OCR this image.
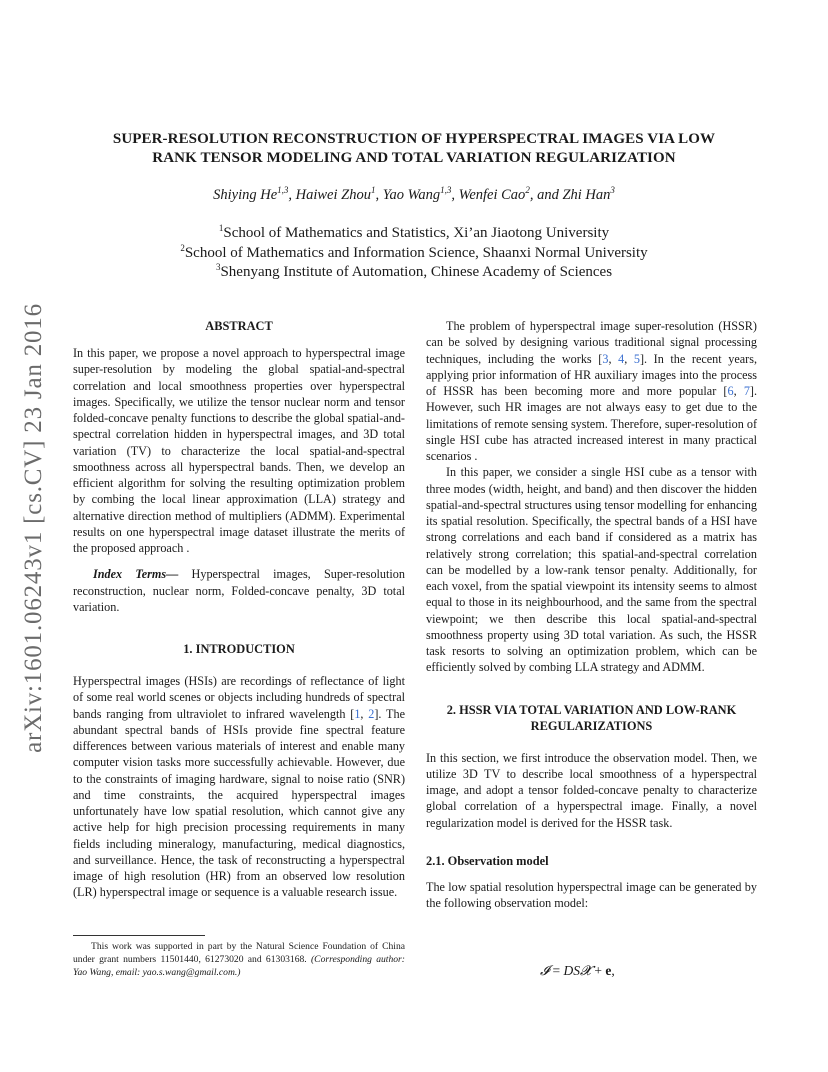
arXiv:1601.06243v1 [cs.CV] 23 Jan 2016
SUPER-RESOLUTION RECONSTRUCTION OF HYPERSPECTRAL IMAGES VIA LOW
RANK TENSOR MODELING AND TOTAL VARIATION REGULARIZATION
Shiying He$^{1,3}$, Haiwei Zhou$^1$, Yao Wang$^{1,3}$, Wenfei Cao$^2$, and Zhi Han$^3$
$^1$School of Mathematics and Statistics, Xi’an Jiaotong University
$^2$School of Mathematics and Information Science, Shaanxi Normal University
$^3$Shenyang Institute of Automation, Chinese Academy of Sciences

ABSTRACT

In this paper, we propose a novel approach to hyperspectral image super-resolution by modeling the global spatial-and-spectral correlation and local smoothness properties over hyperspectral images. Specifically, we utilize the tensor nuclear norm and tensor folded-concave penalty functions to describe the global spatial-and-spectral correlation hidden in hyperspectral images, and 3D total variation (TV) to characterize the local spatial-and-spectral smoothness across all hyperspectral bands. Then, we develop an efficient algorithm for solving the resulting optimization problem by combing the local linear approximation (LLA) strategy and alternative direction method of multipliers (ADMM). Experimental results on one hyperspectral image dataset illustrate the merits of the proposed approach .

Index Terms— Hyperspectral images, Super-resolution reconstruction, nuclear norm, Folded-concave penalty, 3D total variation.

1. INTRODUCTION

Hyperspectral images (HSIs) are recordings of reflectance of light of some real world scenes or objects including hundreds of spectral bands ranging from ultraviolet to infrared wavelength [1, 2]. The abundant spectral bands of HSIs provide fine spectral feature differences between various materials of interest and enable many computer vision tasks more successfully achievable. However, due to the constraints of imaging hardware, signal to noise ratio (SNR) and time constraints, the acquired hyperspectral images unfortunately have low spatial resolution, which cannot give any active help for high precision processing requirements in many fields including mineralogy, manufacturing, medical diagnostics, and surveillance. Hence, the task of reconstructing a hyperspectral image of high resolution (HR) from an observed low resolution (LR) hyperspectral image or sequence is a valuable research issue.

This work was supported in part by the Natural Science Foundation of China under grant numbers 11501440, 61273020 and 61303168. (Corresponding author: Yao Wang, email: yao.s.wang@gmail.com.)

The problem of hyperspectral image super-resolution (HSSR) can be solved by designing various traditional signal processing techniques, including the works [3, 4, 5]. In the recent years, applying prior information of HR auxiliary images into the process of HSSR has been becoming more and more popular [6, 7]. However, such HR images are not always easy to get due to the limitations of remote sensing system. Therefore, super-resolution of single HSI cube has atracted increased interest in many practical scenarios .

In this paper, we consider a single HSI cube as a tensor with three modes (width, height, and band) and then discover the hidden spatial-and-spectral structures using tensor modelling for enhancing its spatial resolution. Specifically, the spectral bands of a HSI have strong correlations and each band if considered as a matrix has relatively strong correlation; this spatial-and-spectral correlation can be modelled by a low-rank tensor penalty. Additionally, for each voxel, from the spatial viewpoint its intensity seems to almost equal to those in its neighbourhood, and the same from the spectral viewpoint; we then describe this local spatial-and-spectral smoothness property using 3D total variation. As such, the HSSR task resorts to solving an optimization problem, which can be efficiently solved by combing LLA strategy and ADMM.

2. HSSR VIA TOTAL VARIATION AND LOW-RANK
REGULARIZATIONS

In this section, we first introduce the observation model. Then, we utilize 3D TV to describe local smoothness of a hyperspectral image, and adopt a tensor folded-concave penalty to characterize global correlation of a hyperspectral image. Finally, a novel regularization model is derived for the HSSR task.

2.1. Observation model

The low spatial resolution hyperspectral image can be generated by the following observation model:

𝓘 = DS𝓧 + e,
